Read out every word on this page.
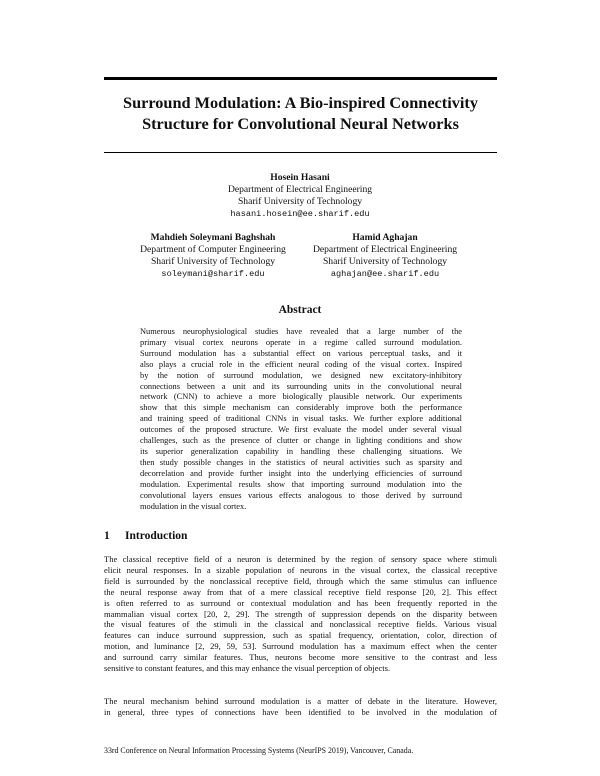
Surround Modulation: A Bio-inspired Connectivity
Structure for Convolutional Neural Networks
Hosein Hasani
Department of Electrical Engineering
Sharif University of Technology
hasani.hosein@ee.sharif.edu
Mahdieh Soleymani Baghshah
Department of Computer Engineering
Sharif University of Technology
soleymani@sharif.edu
Hamid Aghajan
Department of Electrical Engineering
Sharif University of Technology
aghajan@ee.sharif.edu
Abstract
Numerous neurophysiological studies have revealed that a large number of the
primary visual cortex neurons operate in a regime called surround modulation.
Surround modulation has a substantial effect on various perceptual tasks, and it
also plays a crucial role in the efficient neural coding of the visual cortex. Inspired
by the notion of surround modulation, we designed new excitatory-inhibitory
connections between a unit and its surrounding units in the convolutional neural
network (CNN) to achieve a more biologically plausible network. Our experiments
show that this simple mechanism can considerably improve both the performance
and training speed of traditional CNNs in visual tasks. We further explore additional
outcomes of the proposed structure. We first evaluate the model under several visual
challenges, such as the presence of clutter or change in lighting conditions and show
its superior generalization capability in handling these challenging situations. We
then study possible changes in the statistics of neural activities such as sparsity and
decorrelation and provide further insight into the underlying efficiencies of surround
modulation. Experimental results show that importing surround modulation into the
convolutional layers ensues various effects analogous to those derived by surround
modulation in the visual cortex.
1 Introduction
The classical receptive field of a neuron is determined by the region of sensory space where stimuli
elicit neural responses. In a sizable population of neurons in the visual cortex, the classical receptive
field is surrounded by the nonclassical receptive field, through which the same stimulus can influence
the neural response away from that of a mere classical receptive field response [20, 2]. This effect
is often referred to as surround or contextual modulation and has been frequently reported in the
mammalian visual cortex [20, 2, 29]. The strength of suppression depends on the disparity between
the visual features of the stimuli in the classical and nonclassical receptive fields. Various visual
features can induce surround suppression, such as spatial frequency, orientation, color, direction of
motion, and luminance [2, 29, 59, 53]. Surround modulation has a maximum effect when the center
and surround carry similar features. Thus, neurons become more sensitive to the contrast and less
sensitive to constant features, and this may enhance the visual perception of objects.
The neural mechanism behind surround modulation is a matter of debate in the literature. However,
in general, three types of connections have been identified to be involved in the modulation of

33rd Conference on Neural Information Processing Systems (NeurIPS 2019), Vancouver, Canada.
